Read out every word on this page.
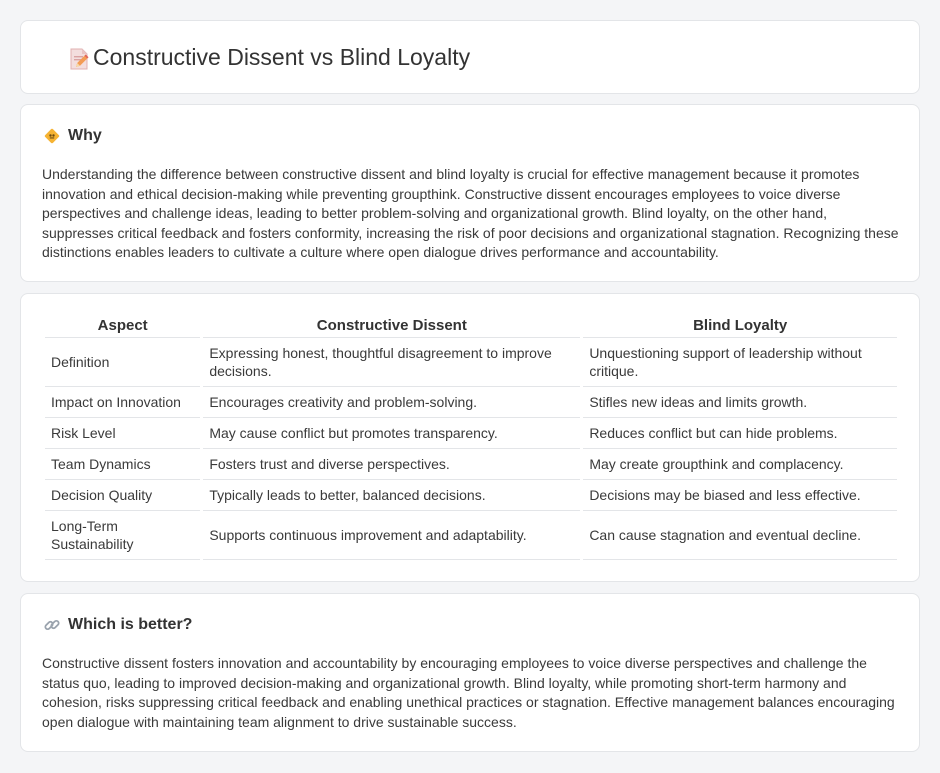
Constructive Dissent vs Blind Loyalty
Why

Understanding the difference between constructive dissent and blind loyalty is crucial for effective management because it promotes innovation and ethical decision-making while preventing groupthink. Constructive dissent encourages employees to voice diverse perspectives and challenge ideas, leading to better problem-solving and organizational growth. Blind loyalty, on the other hand, suppresses critical feedback and fosters conformity, increasing the risk of poor decisions and organizational stagnation. Recognizing these distinctions enables leaders to cultivate a culture where open dialogue drives performance and accountability.

Aspect	Constructive Dissent	Blind Loyalty
Definition	Expressing honest, thoughtful disagreement to improve decisions.	Unquestioning support of leadership without critique.
Impact on Innovation	Encourages creativity and problem-solving.	Stifles new ideas and limits growth.
Risk Level	May cause conflict but promotes transparency.	Reduces conflict but can hide problems.
Team Dynamics	Fosters trust and diverse perspectives.	May create groupthink and complacency.
Decision Quality	Typically leads to better, balanced decisions.	Decisions may be biased and less effective.
Long-Term Sustainability	Supports continuous improvement and adaptability.	Can cause stagnation and eventual decline.
Which is better?

Constructive dissent fosters innovation and accountability by encouraging employees to voice diverse perspectives and challenge the status quo, leading to improved decision-making and organizational growth. Blind loyalty, while promoting short-term harmony and cohesion, risks suppressing critical feedback and enabling unethical practices or stagnation. Effective management balances encouraging open dialogue with maintaining team alignment to drive sustainable success.
